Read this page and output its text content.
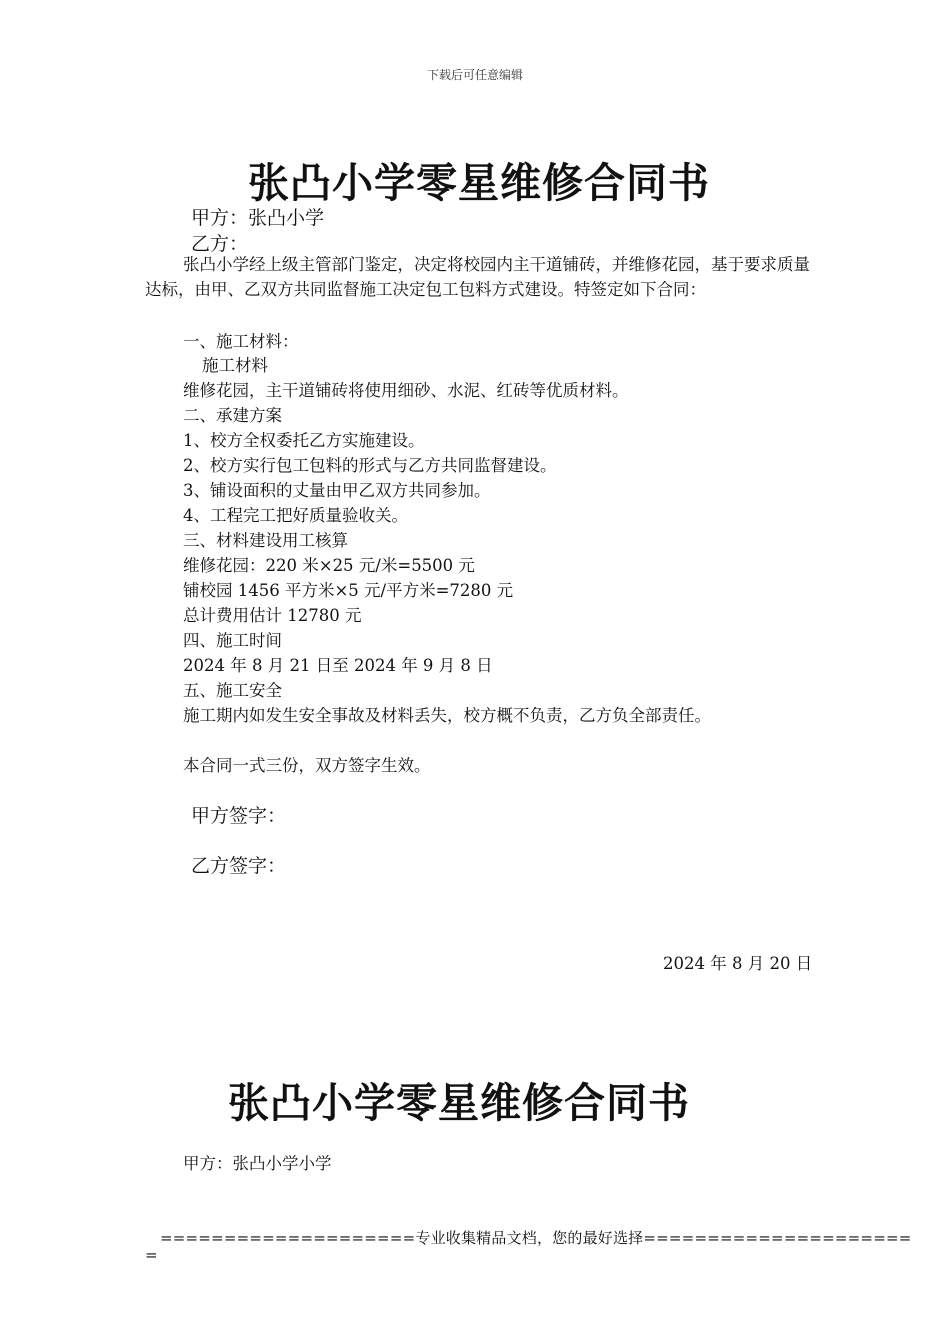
下载后可任意编辑
张凸小学零星维修合同书
甲方：张凸小学
乙方：
张凸小学经上级主管部门鉴定，决定将校园内主干道铺砖，并维修花园，基于要求质量达标，由甲、乙双方共同监督施工决定包工包料方式建设。特签定如下合同：
一、施工材料：
施工材料
维修花园，主干道铺砖将使用细砂、水泥、红砖等优质材料。
二、承建方案
1、校方全权委托乙方实施建设。
2、校方实行包工包料的形式与乙方共同监督建设。
3、铺设面积的丈量由甲乙双方共同参加。
4、工程完工把好质量验收关。
三、材料建设用工核算
维修花园：220 米×25 元/米=5500 元
铺校园 1456 平方米×5 元/平方米=7280 元
总计费用估计 12780 元
四、施工时间
2024 年 8 月 21 日至 2024 年 9 月 8 日
五、施工安全
施工期内如发生安全事故及材料丢失，校方概不负责，乙方负全部责任。
本合同一式三份，双方签字生效。
甲方签字：
乙方签字：
2024 年 8 月 20 日
张凸小学零星维修合同书
甲方：张凸小学小学
====================专业收集精品文档，您的最好选择=====================
=
